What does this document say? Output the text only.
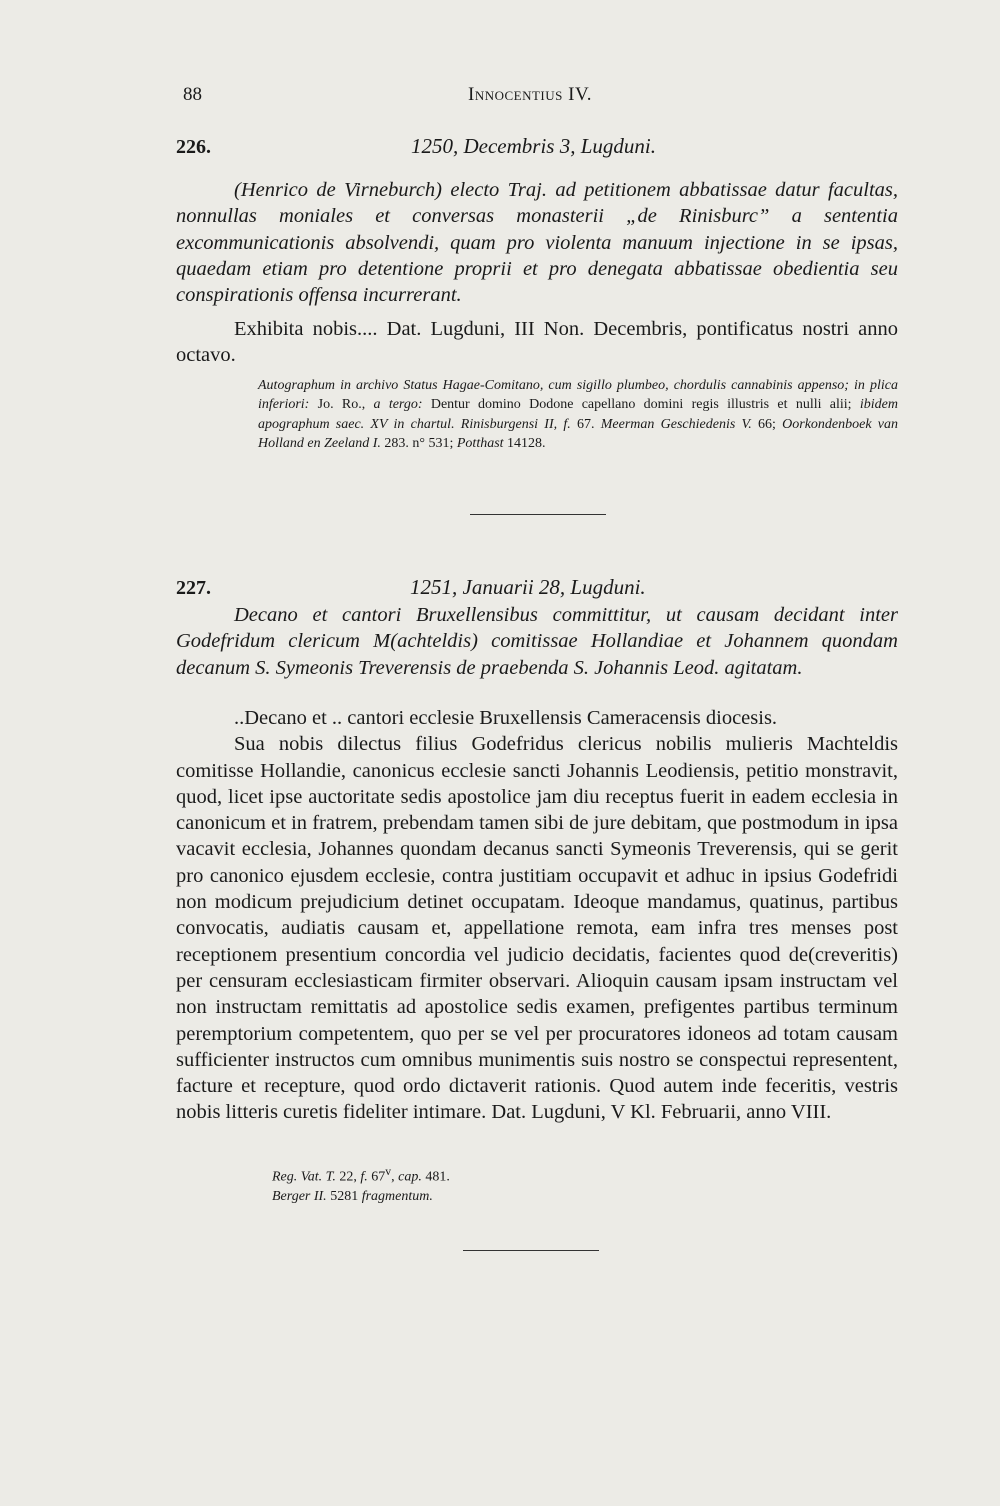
88	Innocentius IV.
226.	1250, Decembris 3, Lugduni.
(Henrico de Virneburch) electo Traj. ad petitionem abbatissae datur facultas, nonnullas moniales et conversas monasterii „de Rinisburc” a sententia excommunicationis absolvendi, quam pro violenta manuum injectione in se ipsas, quaedam etiam pro detentione proprii et pro denegata abbatissae obedientia seu conspirationis offensa incurrerant.

Exhibita nobis.... Dat. Lugduni, III Non. Decembris, pontificatus nostri anno octavo.

Autographum in archivo Status Hagae-Comitano, cum sigillo plumbeo, chordulis cannabinis appenso; in plica inferiori: Jo. Ro., a tergo: Dentur domino Dodone capellano domini regis illustris et nulli alii; ibidem apographum saec. XV in chartul. Rinisburgensi II, f. 67. Meerman Geschiedenis V. 66; Oorkondenboek van Holland en Zeeland I. 283. n° 531; Potthast 14128.

227.	1251, Januarii 28, Lugduni.
Decano et cantori Bruxellensibus committitur, ut causam decidant inter Godefridum clericum M(achteldis) comitissae Hollandiae et Johannem quondam decanum S. Symeonis Treverensis de praebenda S. Johannis Leod. agitatam.

..Decano et .. cantori ecclesie Bruxellensis Cameracensis diocesis.

Sua nobis dilectus filius Godefridus clericus nobilis mulieris Machteldis comitisse Hollandie, canonicus ecclesie sancti Johannis Leodiensis, petitio monstravit, quod, licet ipse auctoritate sedis apostolice jam diu receptus fuerit in eadem ecclesia in canonicum et in fratrem, prebendam tamen sibi de jure debitam, que postmodum in ipsa vacavit ecclesia, Johannes quondam decanus sancti Symeonis Treverensis, qui se gerit pro canonico ejusdem ecclesie, contra justitiam occupavit et adhuc in ipsius Godefridi non modicum prejudicium detinet occupatam. Ideoque mandamus, quatinus, partibus convocatis, audiatis causam et, appellatione remota, eam infra tres menses post receptionem presentium concordia vel judicio decidatis, facientes quod de(creveritis) per censuram ecclesiasticam firmiter observari. Alioquin causam ipsam instructam vel non instructam remittatis ad apostolice sedis examen, prefigentes partibus terminum peremptorium competentem, quo per se vel per procuratores idoneos ad totam causam sufficienter instructos cum omnibus munimentis suis nostro se conspectui representent, facture et recepture, quod ordo dictaverit rationis. Quod autem inde feceritis, vestris nobis litteris curetis fideliter intimare. Dat. Lugduni, V Kl. Februarii, anno VIII.

Reg. Vat. T. 22, f. 67$^v$, cap. 481.
Berger II. 5281 fragmentum.
